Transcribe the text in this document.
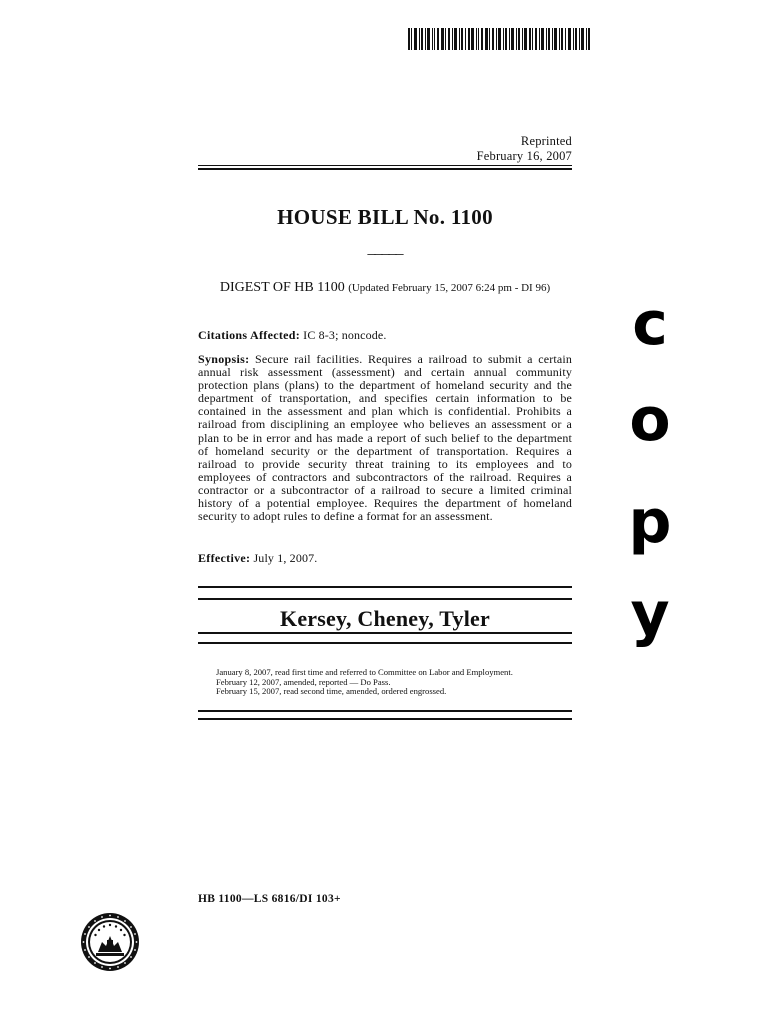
Reprinted
February 16, 2007
HOUSE BILL No. 1100
_____
DIGEST OF HB 1100 (Updated February 15, 2007 6:24 pm - DI 96)
Citations Affected: IC 8-3; noncode.
Synopsis: Secure rail facilities. Requires a railroad to submit a certain annual risk assessment (assessment) and certain annual community protection plans (plans) to the department of homeland security and the department of transportation, and specifies certain information to be contained in the assessment and plan which is confidential. Prohibits a railroad from disciplining an employee who believes an assessment or a plan to be in error and has made a report of such belief to the department of homeland security or the department of transportation. Requires a railroad to provide security threat training to its employees and to employees of contractors and subcontractors of the railroad. Requires a contractor or a subcontractor of a railroad to secure a limited criminal history of a potential employee. Requires the department of homeland security to adopt rules to define a format for an assessment.
Effective: July 1, 2007.
Kersey, Cheney, Tyler
January 8, 2007, read first time and referred to Committee on Labor and Employment.
February 12, 2007, amended, reported — Do Pass.
February 15, 2007, read second time, amended, ordered engrossed.
HB 1100—LS 6816/DI 103+
c
o
p
y
